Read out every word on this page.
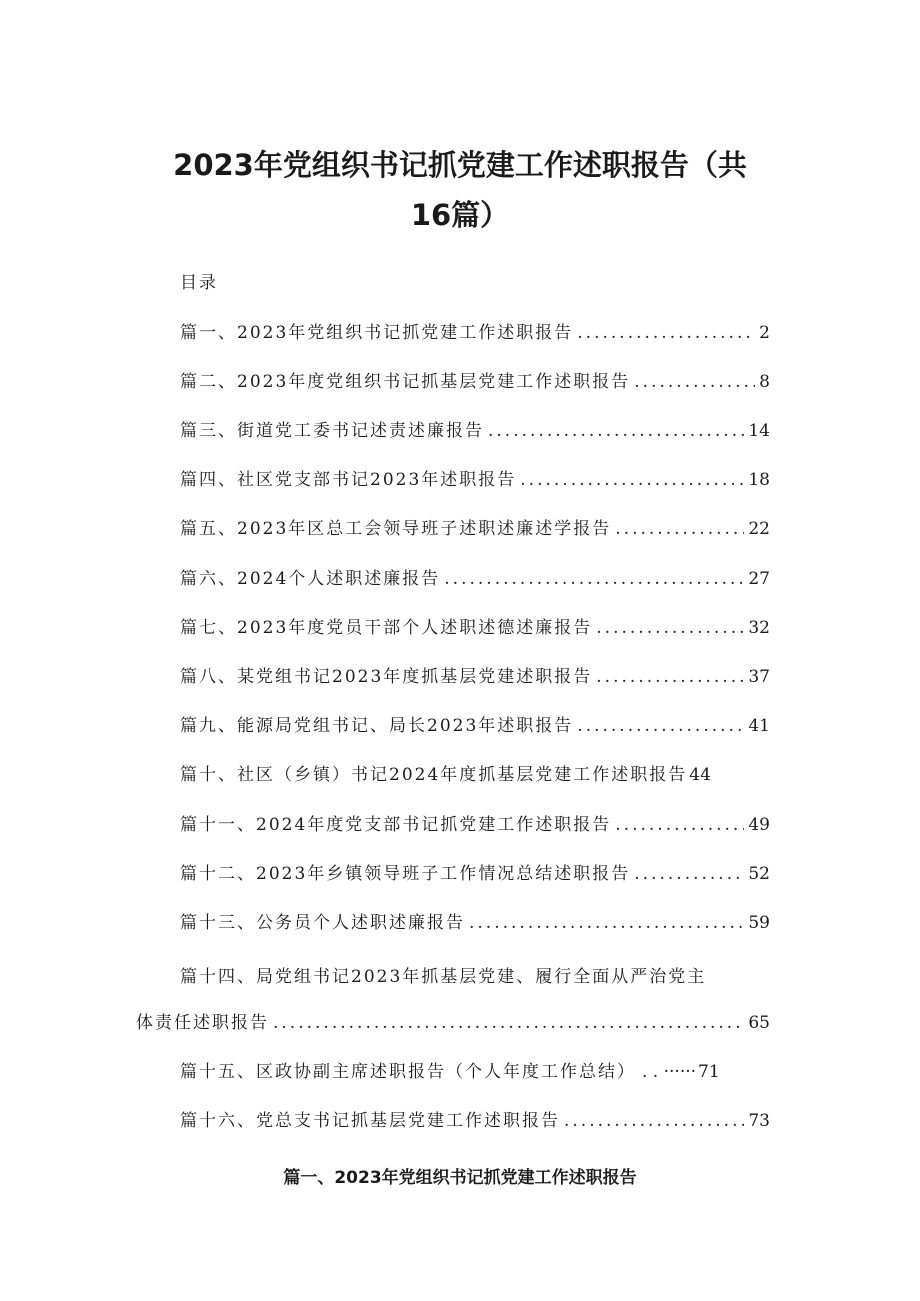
2023年党组织书记抓党建工作述职报告（共
16篇）
目录
篇一、2023年党组织书记抓党建工作述职报告 .....	2
篇二、2023年度党组织书记抓基层党建工作述职报告 .....	8
篇三、街道党工委书记述责述廉报告 .....	14
篇四、社区党支部书记2023年述职报告 .....	18
篇五、2023年区总工会领导班子述职述廉述学报告 .....	22
篇六、2024个人述职述廉报告 .....	27
篇七、2023年度党员干部个人述职述德述廉报告 .....	32
篇八、某党组书记2023年度抓基层党建述职报告 .....	37
篇九、能源局党组书记、局长2023年述职报告 .....	41
篇十、社区（乡镇）书记2024年度抓基层党建工作述职报告 44
篇十一、2024年度党支部书记抓党建工作述职报告 .....	49
篇十二、2023年乡镇领导班子工作情况总结述职报告 .....	52
篇十三、公务员个人述职述廉报告 .....	59
篇十四、局党组书记2023年抓基层党建、履行全面从严治党主
体责任述职报告 .....	65
篇十五、区政协副主席述职报告（个人年度工作总结） . . ·	71
篇十六、党总支书记抓基层党建工作述职报告 .....	73
篇一、2023年党组织书记抓党建工作述职报告
